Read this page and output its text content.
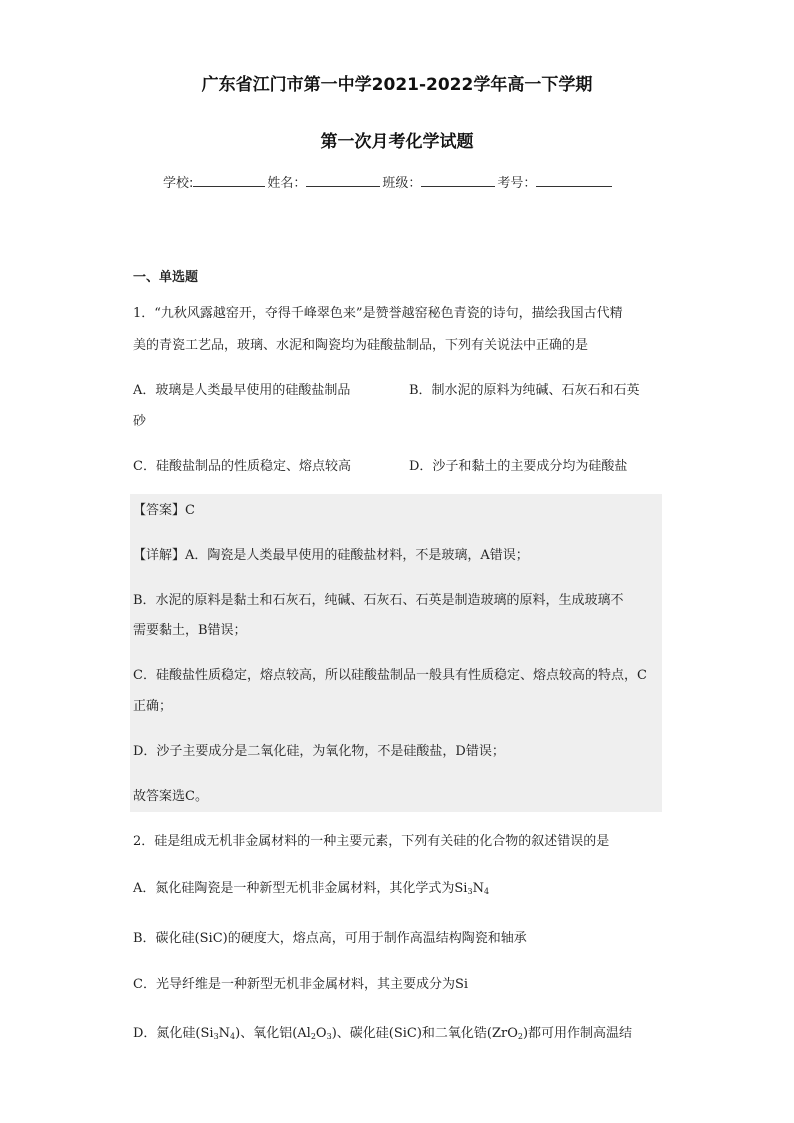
广东省江门市第一中学2021-2022学年高一下学期
第一次月考化学试题
学校:	姓名：	班级：	考号：
一、单选题
1．“九秋风露越窑开，夺得千峰翠色来”是赞誉越窑秘色青瓷的诗句，描绘我国古代精
美的青瓷工艺品，玻璃、水泥和陶瓷均为硅酸盐制品，下列有关说法中正确的是
A．玻璃是人类最早使用的硅酸盐制品	B．制水泥的原料为纯碱、石灰石和石英
砂
C．硅酸盐制品的性质稳定、熔点较高	D．沙子和黏土的主要成分均为硅酸盐
【答案】C
【详解】A．陶瓷是人类最早使用的硅酸盐材料，不是玻璃，A错误；
B．水泥的原料是黏土和石灰石，纯碱、石灰石、石英是制造玻璃的原料，生成玻璃不
需要黏土，B错误；
C．硅酸盐性质稳定，熔点较高，所以硅酸盐制品一般具有性质稳定、熔点较高的特点，C
正确；
D．沙子主要成分是二氧化硅，为氧化物，不是硅酸盐，D错误；
故答案选C。
2．硅是组成无机非金属材料的一种主要元素，下列有关硅的化合物的叙述错误的是
A．氮化硅陶瓷是一种新型无机非金属材料，其化学式为$Si_3N_4$
B．碳化硅(SiC)的硬度大，熔点高，可用于制作高温结构陶瓷和轴承
C．光导纤维是一种新型无机非金属材料，其主要成分为Si
D．氮化硅$(Si_3N_4)$、氧化铝$(Al_2O_3)$、碳化硅(SiC)和二氧化锆(ZrO$_2$)都可用作制高温结
